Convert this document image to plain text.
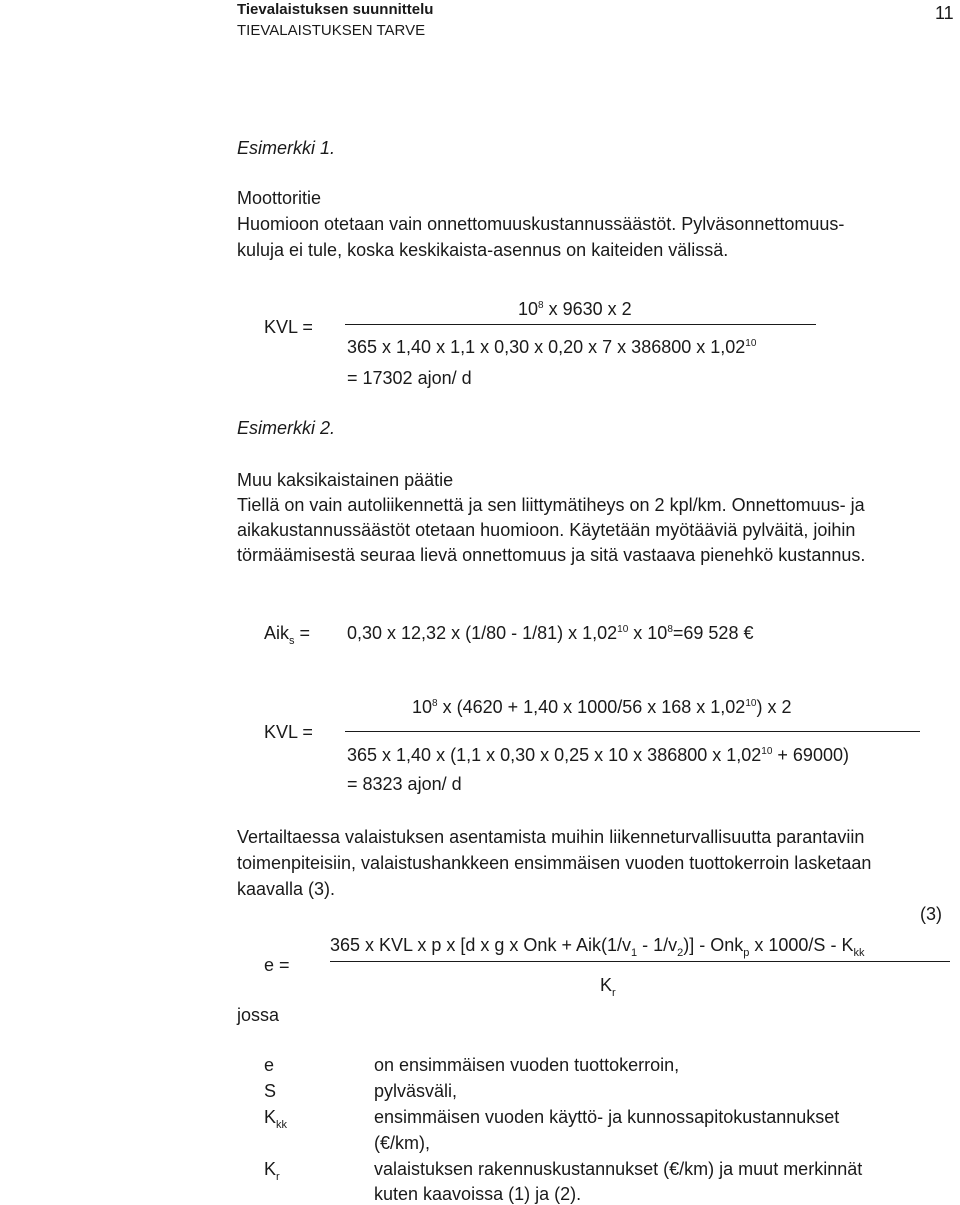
Tievalaistuksen suunnittelu
TIEVALAISTUKSEN TARVE
11
Esimerkki 1.
Moottoritie
Huomioon otetaan vain onnettomuuskustannussäästöt. Pylväsonnettomuus-
kuluja ei tule, koska keskikaista-asennus on kaiteiden välissä.
KVL =
$10^8$ x 9630 x 2
365 x 1,40 x 1,1 x 0,30 x 0,20 x 7 x 386800 x $1,02^{10}$
= 17302 ajon/ d
Esimerkki 2.
Muu kaksikaistainen päätie
Tiellä on vain autoliikennettä ja sen liittymätiheys on 2 kpl/km. Onnettomuus- ja
aikakustannussäästöt otetaan huomioon. Käytetään myötääviä pylväitä, joihin
törmäämisestä seuraa lievä onnettomuus ja sitä vastaava pienehkö kustannus.
Aik$_s$ = 0,30 x 12,32 x (1/80 - 1/81) x 1,02$^{10}$ x $10^8=69$ 528 €
KVL =
$10^8$ x (4620 + 1,40 x 1000/56 x 168 x 1,02$^{10}$) x 2
365 x 1,40 x (1,1 x 0,30 x 0,25 x 10 x 386800 x $1,02^{10} + 69000$)
= 8323 ajon/ d
Vertailtaessa valaistuksen asentamista muihin liikenneturvallisuutta parantaviin
toimenpiteisiin, valaistushankkeen ensimmäisen vuoden tuottokerroin lasketaan
kaavalla (3).
(3)
365 x KVL x p x [d x g x Onk + $Aik(1/v_1 - 1/v_2)] - Onk_p$ x $1000/S - K_{kk}$
e =
$K_r$
jossa
e	on ensimmäisen vuoden tuottokerroin,
S	pylväsväli,
$K_{kk}$	ensimmäisen vuoden käyttö- ja kunnossapitokustannukset
(€/km),
$K_r$	valaistuksen rakennuskustannukset (€/km) ja muut merkinnät
kuten kaavoissa (1) ja (2).
